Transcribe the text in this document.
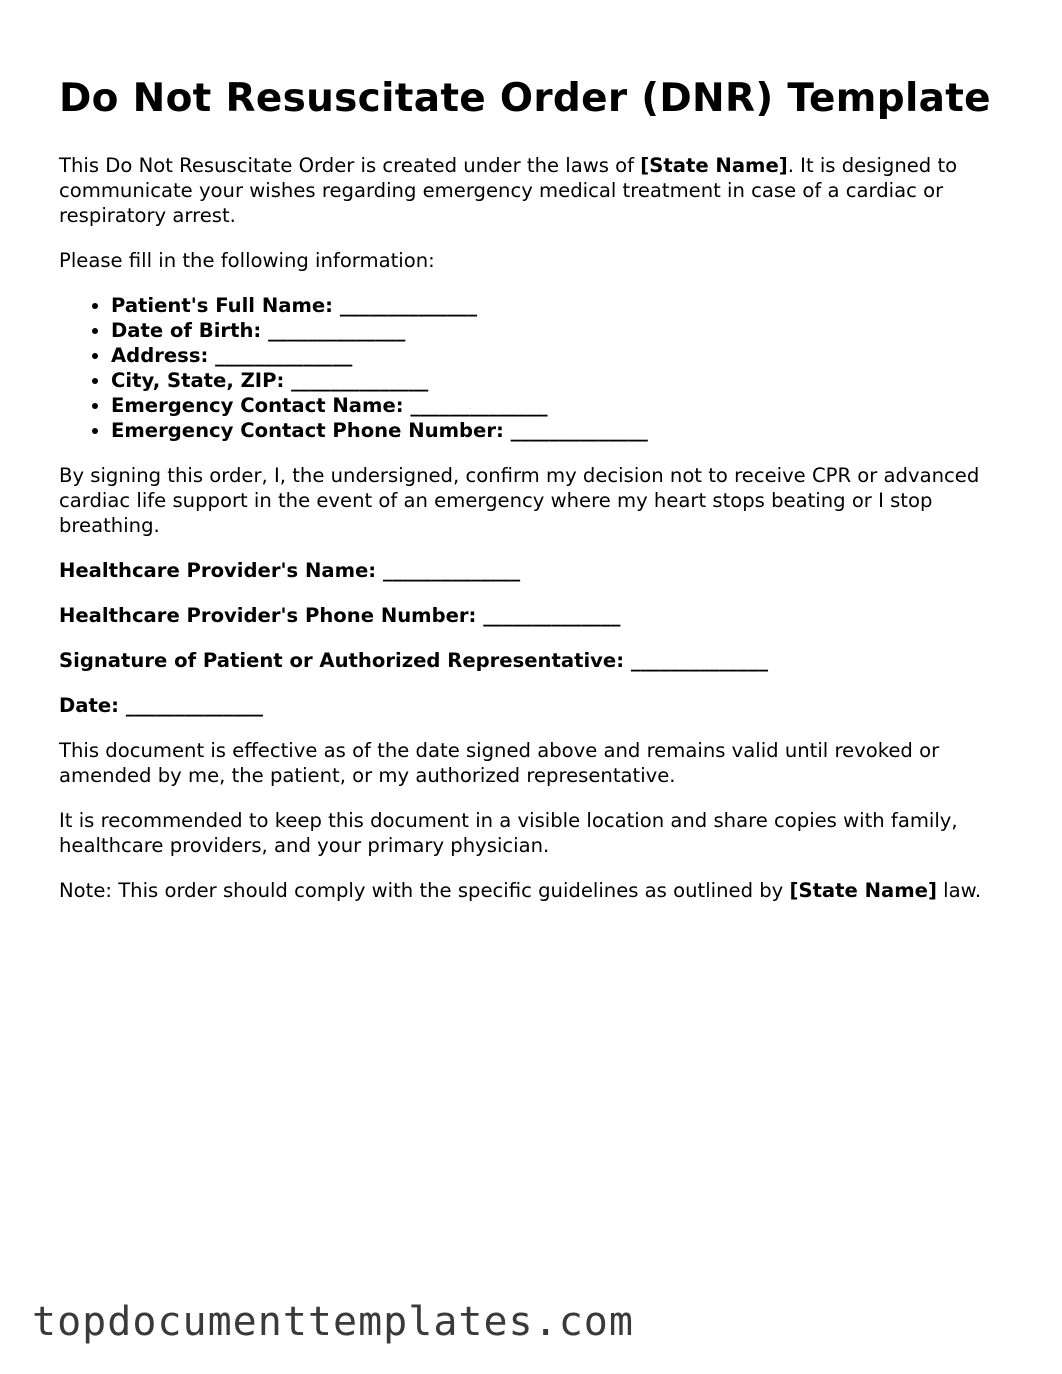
Do Not Resuscitate Order (DNR) Template

This Do Not Resuscitate Order is created under the laws of [State Name]. It is designed to communicate your wishes regarding emergency medical treatment in case of a cardiac or respiratory arrest.

Please fill in the following information:

• Patient's Full Name: ______________
• Date of Birth: ______________
• Address: ______________
• City, State, ZIP: ______________
• Emergency Contact Name: ______________
• Emergency Contact Phone Number: ______________

By signing this order, I, the undersigned, confirm my decision not to receive CPR or advanced cardiac life support in the event of an emergency where my heart stops beating or I stop breathing.

Healthcare Provider's Name: ______________

Healthcare Provider's Phone Number: ______________

Signature of Patient or Authorized Representative: ______________

Date: ______________

This document is effective as of the date signed above and remains valid until revoked or amended by me, the patient, or my authorized representative.

It is recommended to keep this document in a visible location and share copies with family, healthcare providers, and your primary physician.

Note: This order should comply with the specific guidelines as outlined by [State Name] law.

topdocumenttemplates.com
